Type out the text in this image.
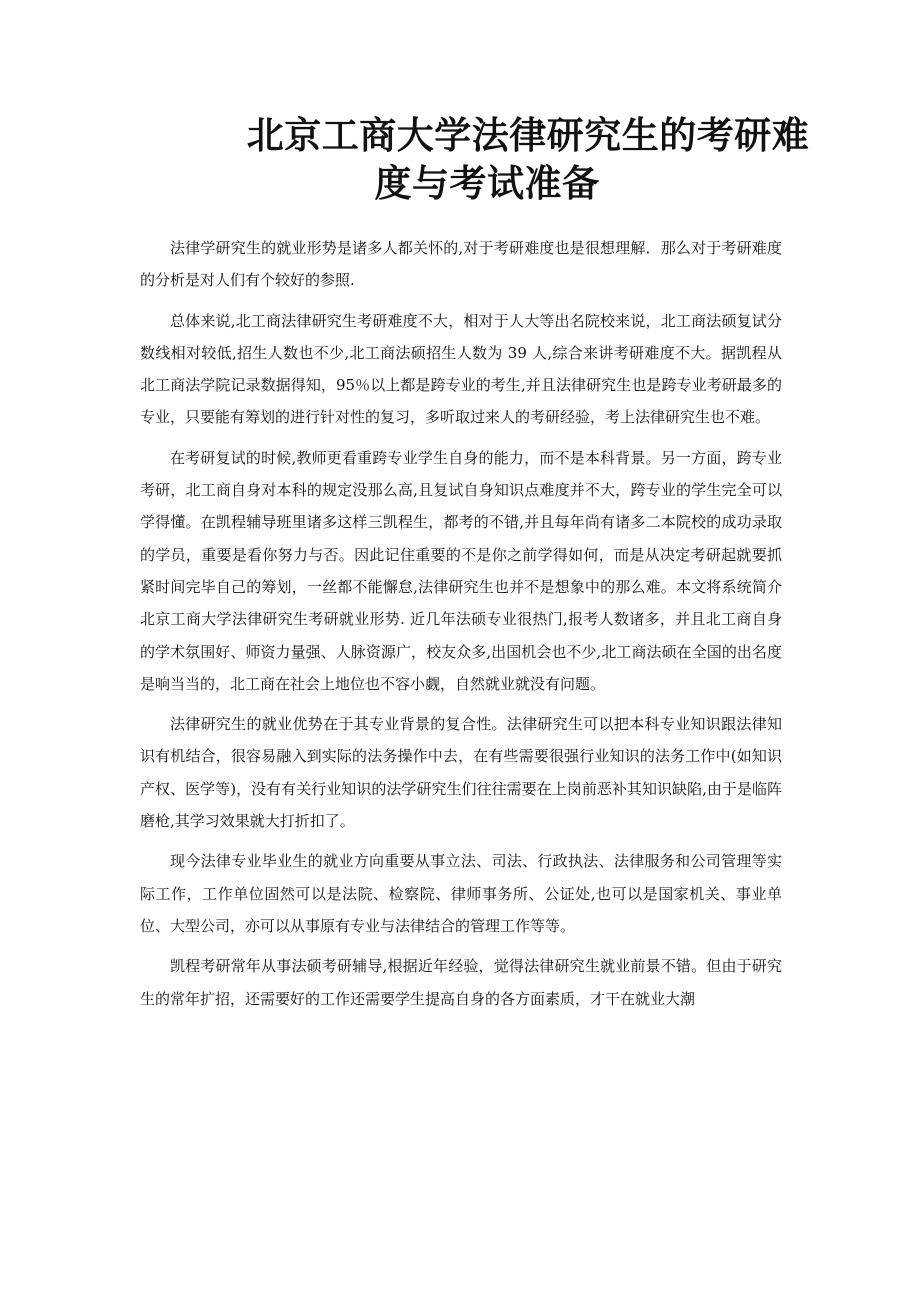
北京工商大学法律研究生的考研难
度与考试准备

法律学研究生的就业形势是诸多人都关怀的,对于考研难度也是很想理解．那么对于考研难度的分析是对人们有个较好的参照.

总体来说,北工商法律研究生考研难度不大，相对于人大等出名院校来说，北工商法硕复试分数线相对较低,招生人数也不少,北工商法硕招生人数为 39 人,综合来讲考研难度不大。据凯程从北工商法学院记录数据得知，95％以上都是跨专业的考生,并且法律研究生也是跨专业考研最多的专业，只要能有筹划的进行针对性的复习，多听取过来人的考研经验，考上法律研究生也不难。

在考研复试的时候,教师更看重跨专业学生自身的能力，而不是本科背景。另一方面，跨专业考研，北工商自身对本科的规定没那么高,且复试自身知识点难度并不大，跨专业的学生完全可以学得懂。在凯程辅导班里诸多这样三凯程生，都考的不错,并且每年尚有诸多二本院校的成功录取的学员，重要是看你努力与否。因此记住重要的不是你之前学得如何，而是从决定考研起就要抓紧时间完毕自己的筹划，一丝都不能懈怠,法律研究生也并不是想象中的那么难。本文将系统简介北京工商大学法律研究生考研就业形势. 近几年法硕专业很热门,报考人数诸多，并且北工商自身的学术氛围好、师资力量强、人脉资源广，校友众多,出国机会也不少,北工商法硕在全国的出名度是响当当的，北工商在社会上地位也不容小觑，自然就业就没有问题。

法律研究生的就业优势在于其专业背景的复合性。法律研究生可以把本科专业知识跟法律知识有机结合，很容易融入到实际的法务操作中去，在有些需要很强行业知识的法务工作中(如知识产权、医学等)，没有有关行业知识的法学研究生们往往需要在上岗前恶补其知识缺陷,由于是临阵磨枪,其学习效果就大打折扣了。

现今法律专业毕业生的就业方向重要从事立法、司法、行政执法、法律服务和公司管理等实际工作，工作单位固然可以是法院、检察院、律师事务所、公证处,也可以是国家机关、事业单位、大型公司，亦可以从事原有专业与法律结合的管理工作等等。

凯程考研常年从事法硕考研辅导,根据近年经验，觉得法律研究生就业前景不错。但由于研究生的常年扩招，还需要好的工作还需要学生提高自身的各方面素质，才干在就业大潮
